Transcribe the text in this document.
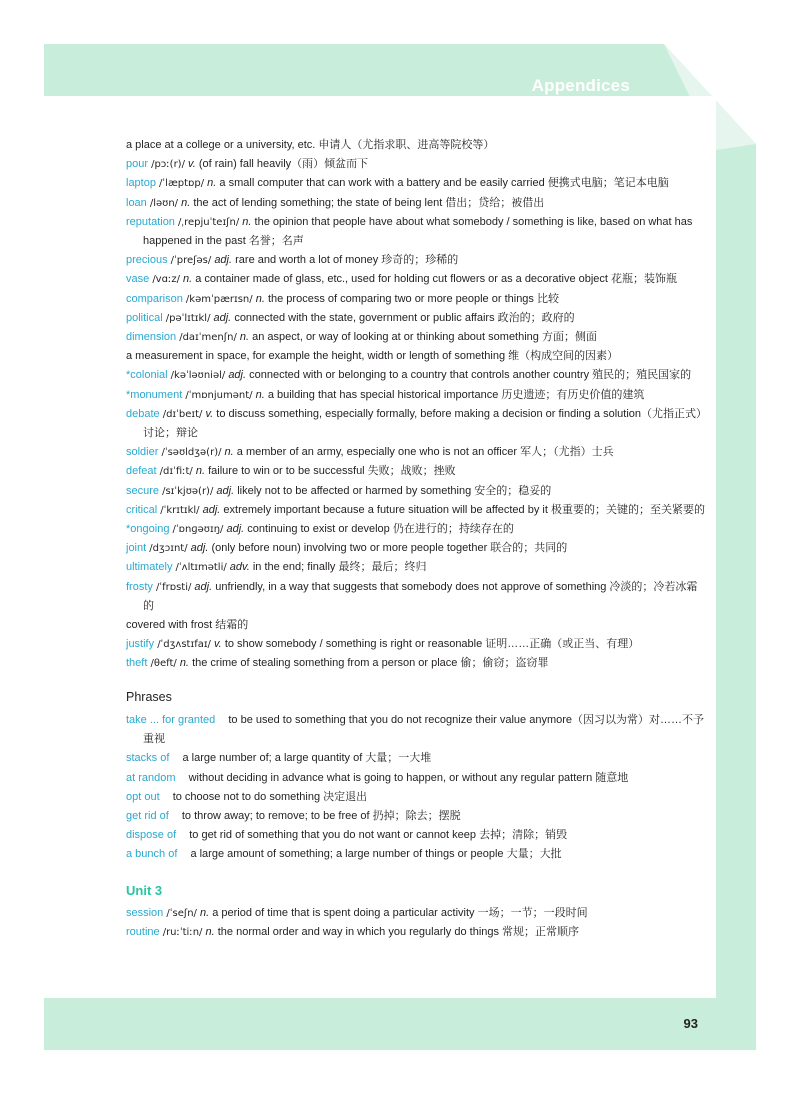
Appendices

a place at a college or a university, etc. 申请人（尤指求职、进高等院校等）

pour /pɔː(r)/ v. (of rain) fall heavily（雨）倾盆而下

laptop /ˈlæptɒp/ n. a small computer that can work with a battery and be easily carried 便携式电脑；笔记本电脑

loan /ləʊn/ n. the act of lending something; the state of being lent 借出；贷给；被借出

reputation /ˌrepjuˈteɪʃn/ n. the opinion that people have about what somebody / something is like, based on what has happened in the past 名誉；名声

precious /ˈpreʃəs/ adj. rare and worth a lot of money 珍奇的；珍稀的

vase /vɑːz/ n. a container made of glass, etc., used for holding cut flowers or as a decorative object 花瓶；装饰瓶

comparison /kəmˈpærɪsn/ n. the process of comparing two or more people or things 比较

political /pəˈlɪtɪkl/ adj. connected with the state, government or public affairs 政治的；政府的

dimension /daɪˈmenʃn/ n. an aspect, or way of looking at or thinking about something 方面；侧面
a measurement in space, for example the height, width or length of something 维（构成空间的因素）

*colonial /kəˈləʊniəl/ adj. connected with or belonging to a country that controls another country 殖民的；殖民国家的

*monument /ˈmɒnjumənt/ n. a building that has special historical importance 历史遗迹；有历史价值的建筑

debate /dɪˈbeɪt/ v. to discuss something, especially formally, before making a decision or finding a solution（尤指正式）讨论；辩论

soldier /ˈsəʊldʒə(r)/ n. a member of an army, especially one who is not an officer 军人；（尤指）士兵

defeat /dɪˈfiːt/ n. failure to win or to be successful 失败；战败；挫败

secure /sɪˈkjʊə(r)/ adj. likely not to be affected or harmed by something 安全的；稳妥的

critical /ˈkrɪtɪkl/ adj. extremely important because a future situation will be affected by it 极重要的；关键的；至关紧要的

*ongoing /ˈɒnɡəʊɪŋ/ adj. continuing to exist or develop 仍在进行的；持续存在的

joint /dʒɔɪnt/ adj. (only before noun) involving two or more people together 联合的；共同的

ultimately /ˈʌltɪmətli/ adv. in the end; finally 最终；最后；终归

frosty /ˈfrɒsti/ adj. unfriendly, in a way that suggests that somebody does not approve of something 冷淡的；冷若冰霜的
covered with frost 结霜的

justify /ˈdʒʌstɪfaɪ/ v. to show somebody / something is right or reasonable 证明……正确（或正当、有理）

theft /θeft/ n. the crime of stealing something from a person or place 偷；偷窃；盗窃罪

Phrases

take ... for granted to be used to something that you do not recognize their value anymore（因习以为常）对……不予重视

stacks of a large number of; a large quantity of 大量；一大堆

at random without deciding in advance what is going to happen, or without any regular pattern 随意地

opt out to choose not to do something 决定退出

get rid of to throw away; to remove; to be free of 扔掉；除去；摆脱

dispose of to get rid of something that you do not want or cannot keep 去掉；清除；销毁

a bunch of a large amount of something; a large number of things or people 大量；大批

Unit 3

session /ˈseʃn/ n. a period of time that is spent doing a particular activity 一场；一节；一段时间

routine /ruːˈtiːn/ n. the normal order and way in which you regularly do things 常规；正常顺序

93
